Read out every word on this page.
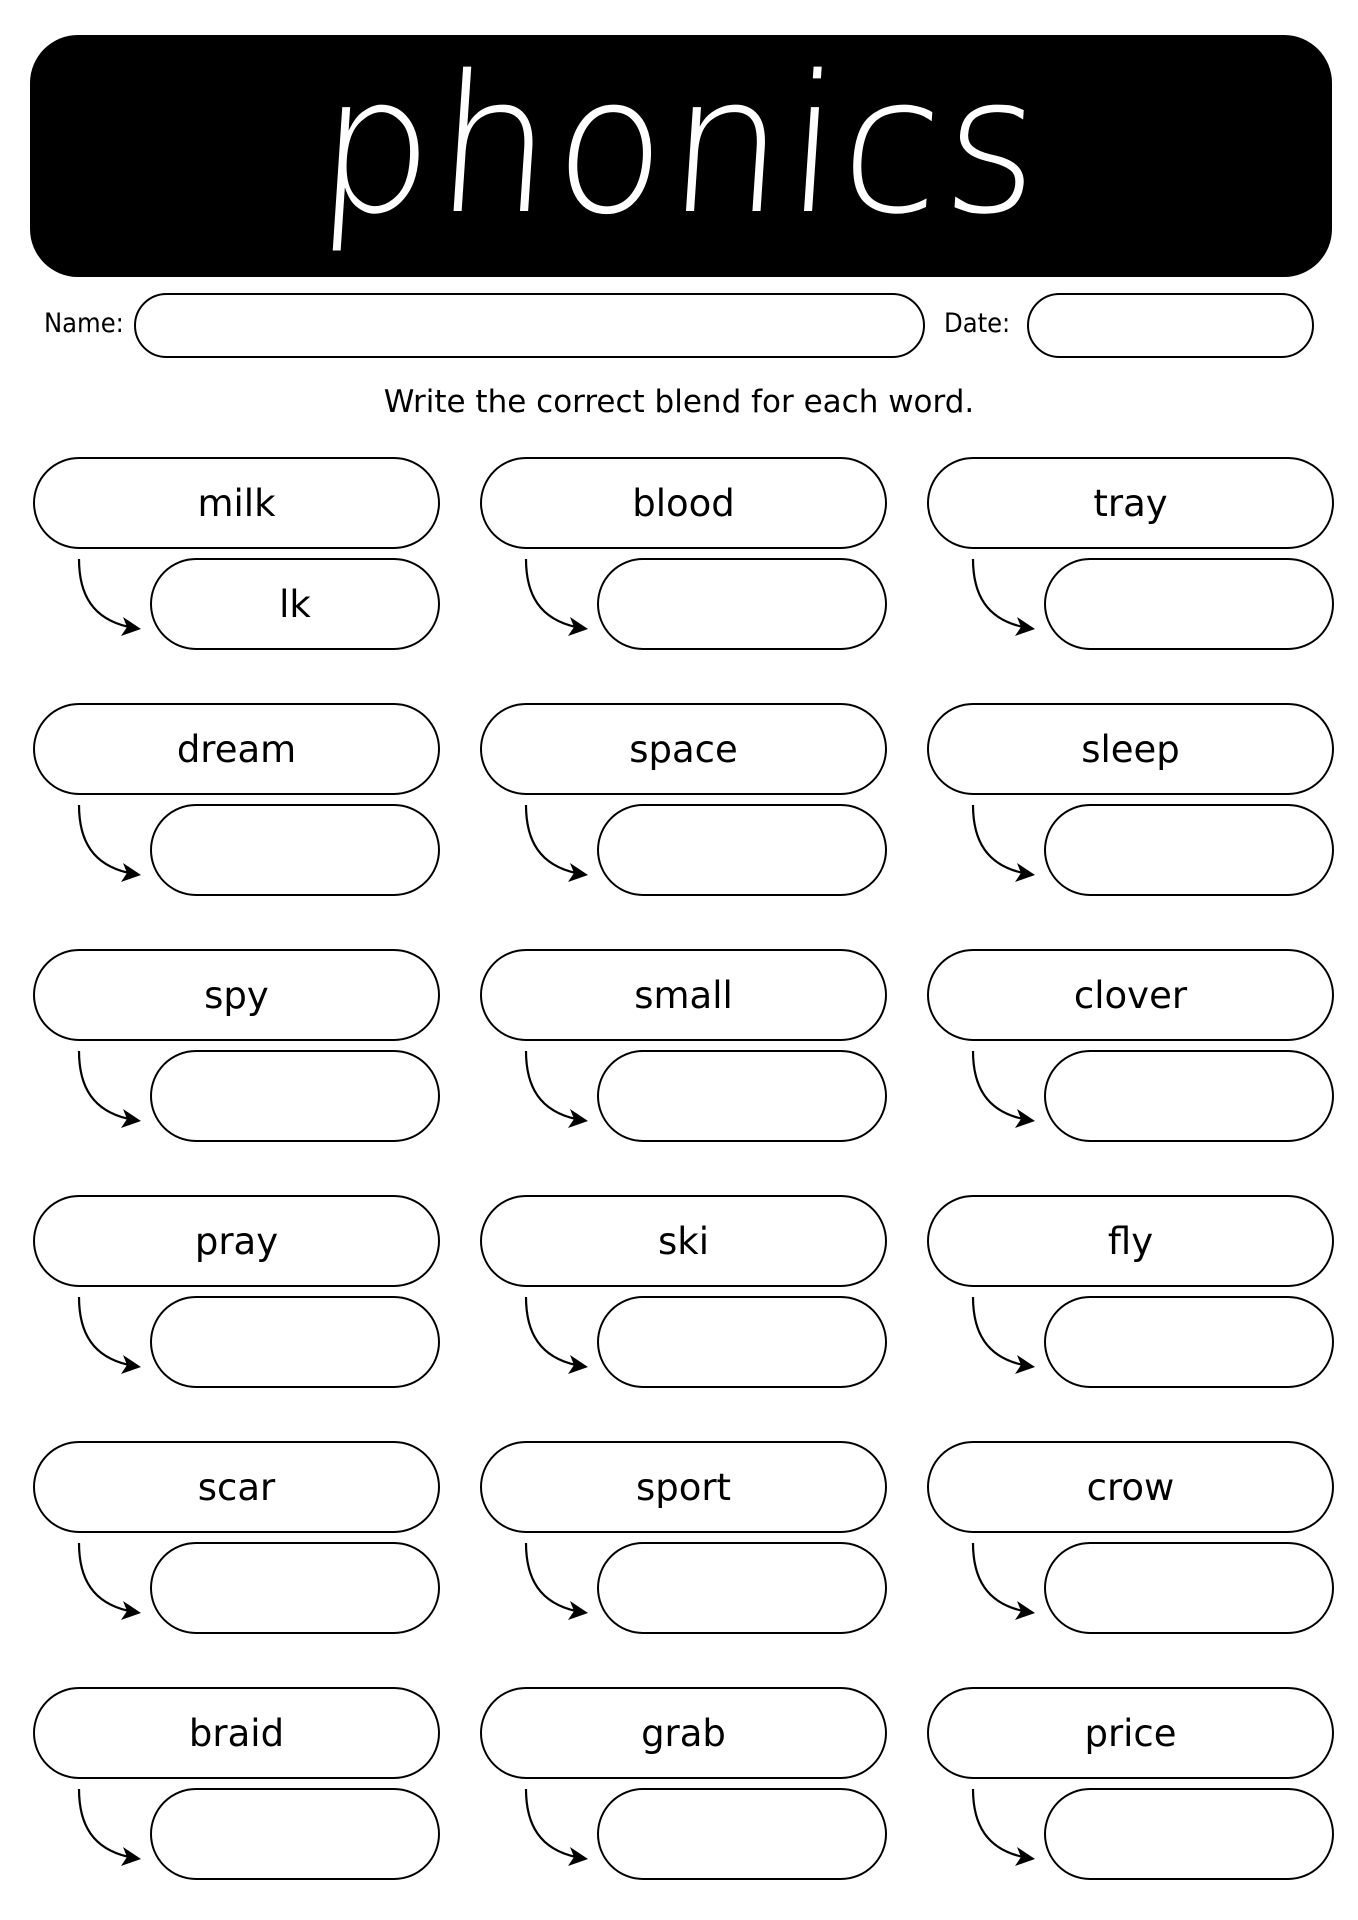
phonics
Name:	Date:
Write the correct blend for each word.
milk
lk
blood	tray
dream	space	sleep
spy	small	clover
pray	ski	fly
scar	sport	crow
braid	grab	price
